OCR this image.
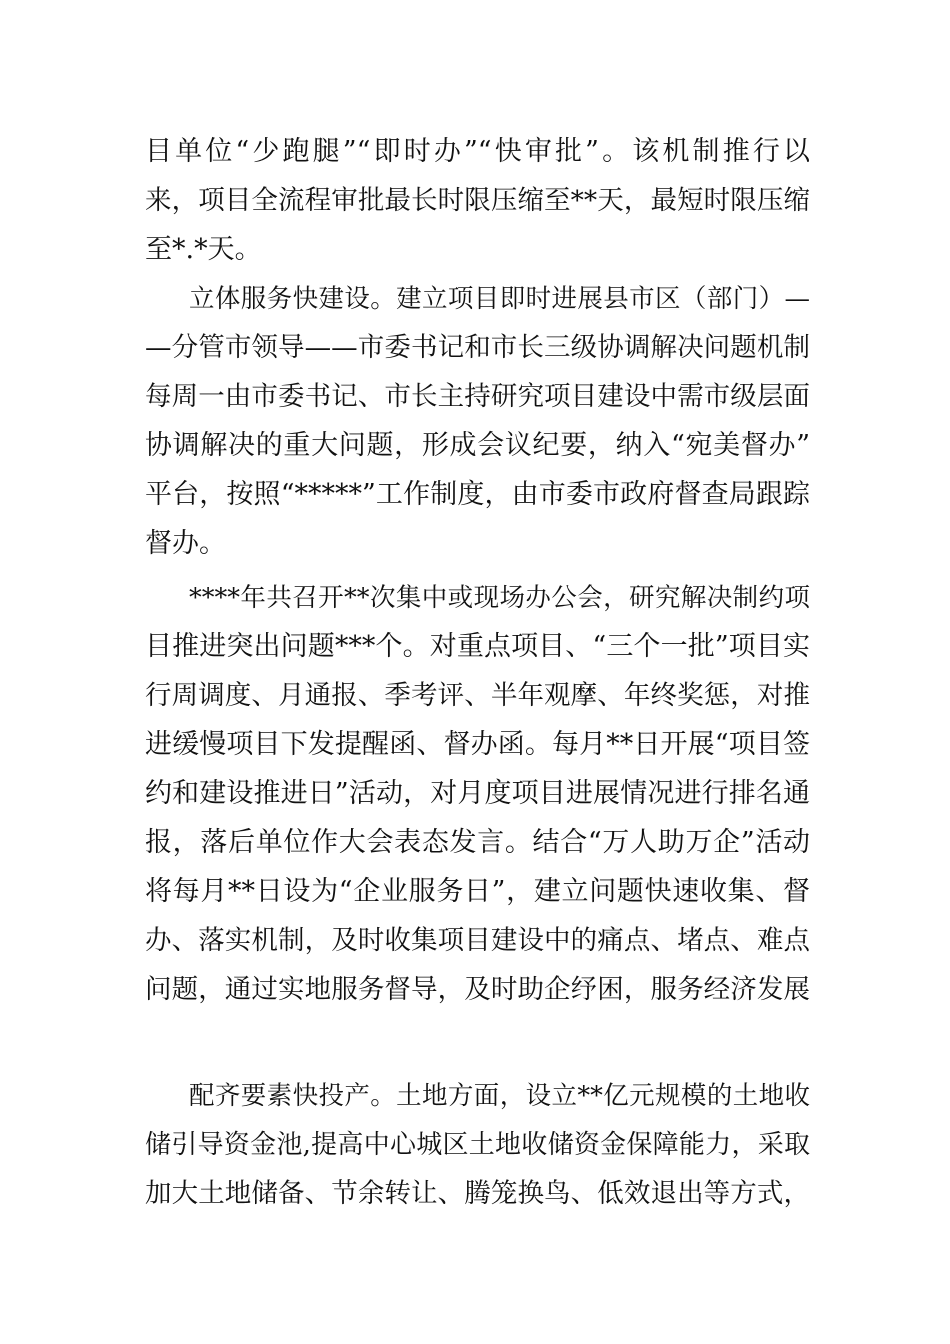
目单位“少跑腿”“即时办”“快审批”。该机制推行以
来，项目全流程审批最长时限压缩至**天，最短时限压缩
至*.*天。
立体服务快建设。建立项目即时进展县市区（部门）—
—分管市领导——市委书记和市长三级协调解决问题机制
每周一由市委书记、市长主持研究项目建设中需市级层面
协调解决的重大问题，形成会议纪要，纳入“宛美督办”
平台，按照“*****”工作制度，由市委市政府督查局跟踪
督办。
****年共召开**次集中或现场办公会，研究解决制约项
目推进突出问题***个。对重点项目、“三个一批”项目实
行周调度、月通报、季考评、半年观摩、年终奖惩，对推
进缓慢项目下发提醒函、督办函。每月**日开展“项目签
约和建设推进日”活动，对月度项目进展情况进行排名通
报，落后单位作大会表态发言。结合“万人助万企”活动
将每月**日设为“企业服务日”，建立问题快速收集、督
办、落实机制，及时收集项目建设中的痛点、堵点、难点
问题，通过实地服务督导，及时助企纾困，服务经济发展
配齐要素快投产。土地方面，设立**亿元规模的土地收
储引导资金池,提高中心城区土地收储资金保障能力，采取
加大土地储备、节余转让、腾笼换鸟、低效退出等方式，
